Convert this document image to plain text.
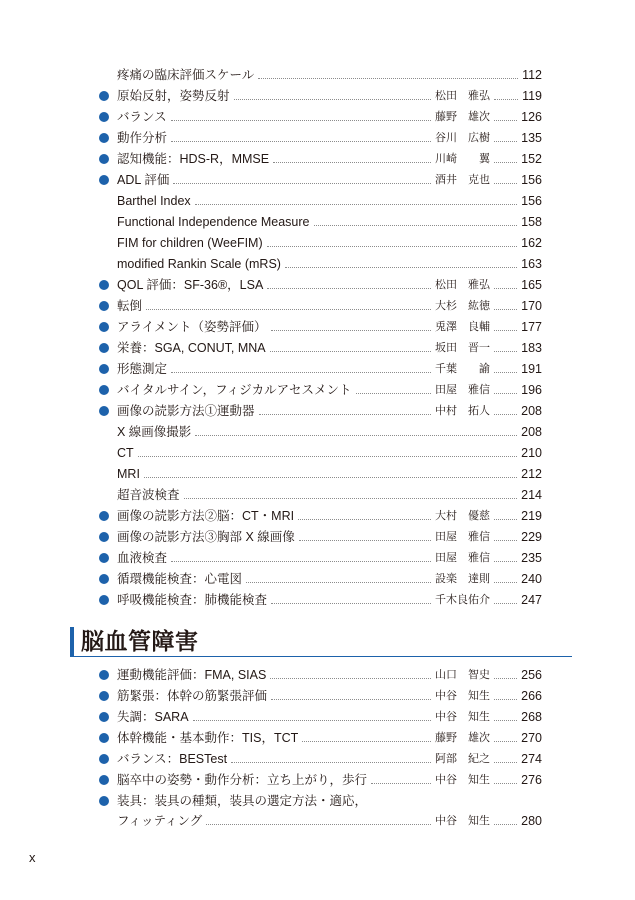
疼痛の臨床評価スケール	112
原始反射，姿勢反射	松田　雅弘	119
バランス	藤野　雄次 126
動作分析	谷川　広樹 135
認知機能：HDS-R，MMSE	川崎　　翼 152
ADL 評価	酒井　克也 156
Barthel Index	156
Functional Independence Measure	158
FIM for children (WeeFIM)	162
modified Rankin Scale (mRS)	163
QOL 評価：SF-36®，LSA	松田　雅弘 165
転倒	大杉　紘徳 170
アライメント（姿勢評価）	兎澤　良輔 177
栄養：SGA, CONUT, MNA	坂田　晋一 183
形態測定	千葉　　諭 191
バイタルサイン，フィジカルアセスメント	田屋　雅信 196
画像の読影方法①運動器	中村　拓人 208
X 線画像撮影	208
CT	210
MRI	212
超音波検査	214
画像の読影方法②脳：CT・MRI	大村　優慈 219
画像の読影方法③胸部 X 線画像	田屋　雅信 229
血液検査	田屋　雅信 235
循環機能検査：心電図	設楽　達則 240
呼吸機能検査：肺機能検査	千木良佑介 247
脳血管障害
運動機能評価：FMA, SIAS	山口　智史 256
筋緊張：体幹の筋緊張評価	中谷　知生 266
失調：SARA	中谷　知生 268
体幹機能・基本動作：TIS，TCT	藤野　雄次 270
バランス：BESTest	阿部　紀之 274
脳卒中の姿勢・動作分析：立ち上がり，歩行	中谷　知生 276
装具：装具の種類，装具の選定方法・適応，
フィッティング	中谷　知生 280
x
